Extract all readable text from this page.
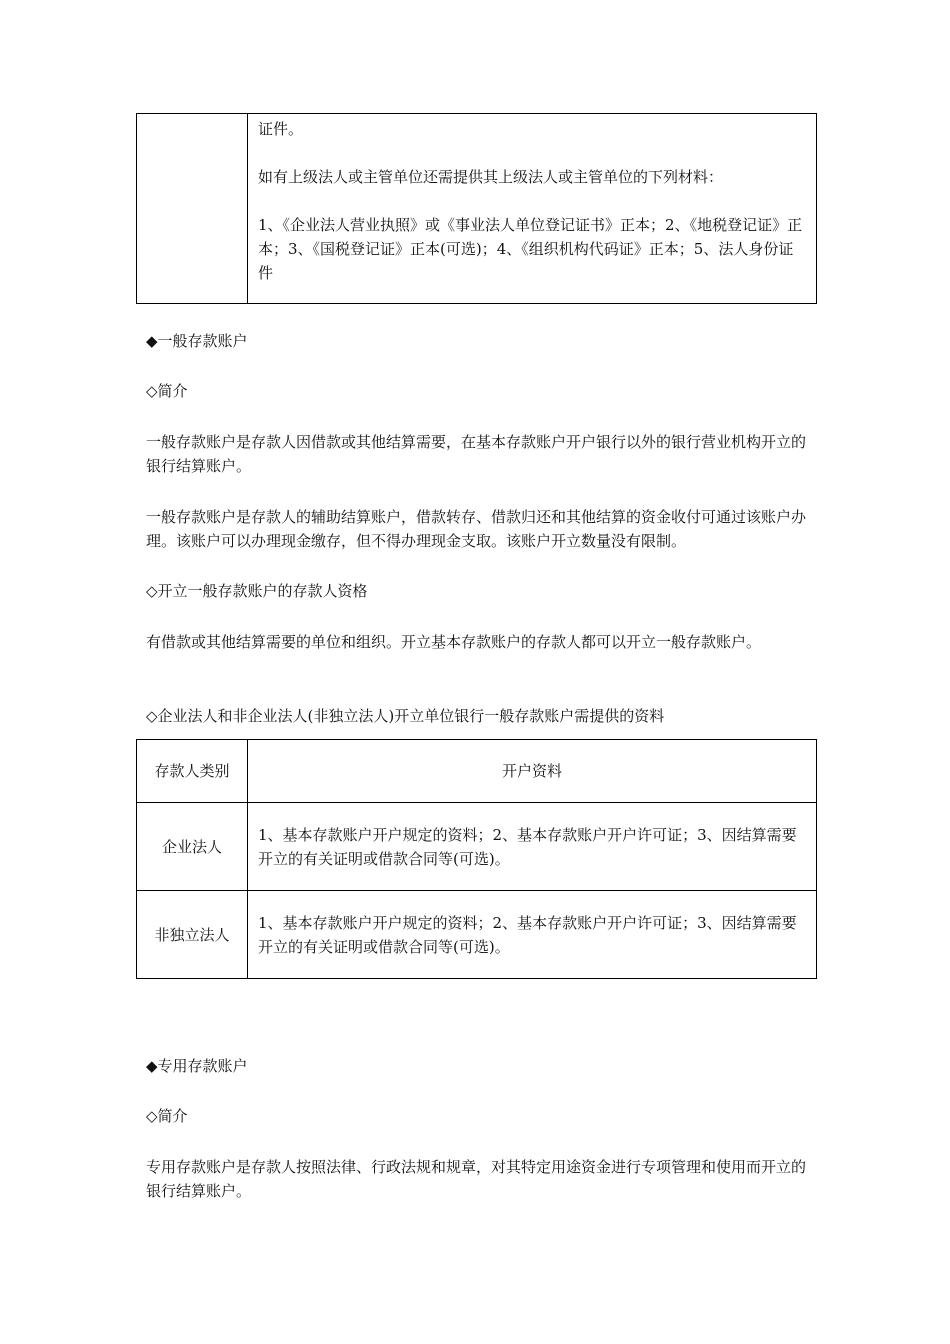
证件。

如有上级法人或主管单位还需提供其上级法人或主管单位的下列材料：

1、《企业法人营业执照》或《事业法人单位登记证书》正本；2、《地税登记证》正本；3、《国税登记证》正本(可选)；4、《组织机构代码证》正本；5、法人身份证件

◆一般存款账户
◇简介
一般存款账户是存款人因借款或其他结算需要，在基本存款账户开户银行以外的银行营业机构开立的银行结算账户。
一般存款账户是存款人的辅助结算账户，借款转存、借款归还和其他结算的资金收付可通过该账户办理。该账户可以办理现金缴存，但不得办理现金支取。该账户开立数量没有限制。
◇开立一般存款账户的存款人资格
有借款或其他结算需要的单位和组织。开立基本存款账户的存款人都可以开立一般存款账户。
◇企业法人和非企业法人(非独立法人)开立单位银行一般存款账户需提供的资料
存款人类别	开户资料
企业法人	1、基本存款账户开户规定的资料；2、基本存款账户开户许可证；3、因结算需要开立的有关证明或借款合同等(可选)。
非独立法人	1、基本存款账户开户规定的资料；2、基本存款账户开户许可证；3、因结算需要开立的有关证明或借款合同等(可选)。
◆专用存款账户
◇简介
专用存款账户是存款人按照法律、行政法规和规章，对其特定用途资金进行专项管理和使用而开立的银行结算账户。
